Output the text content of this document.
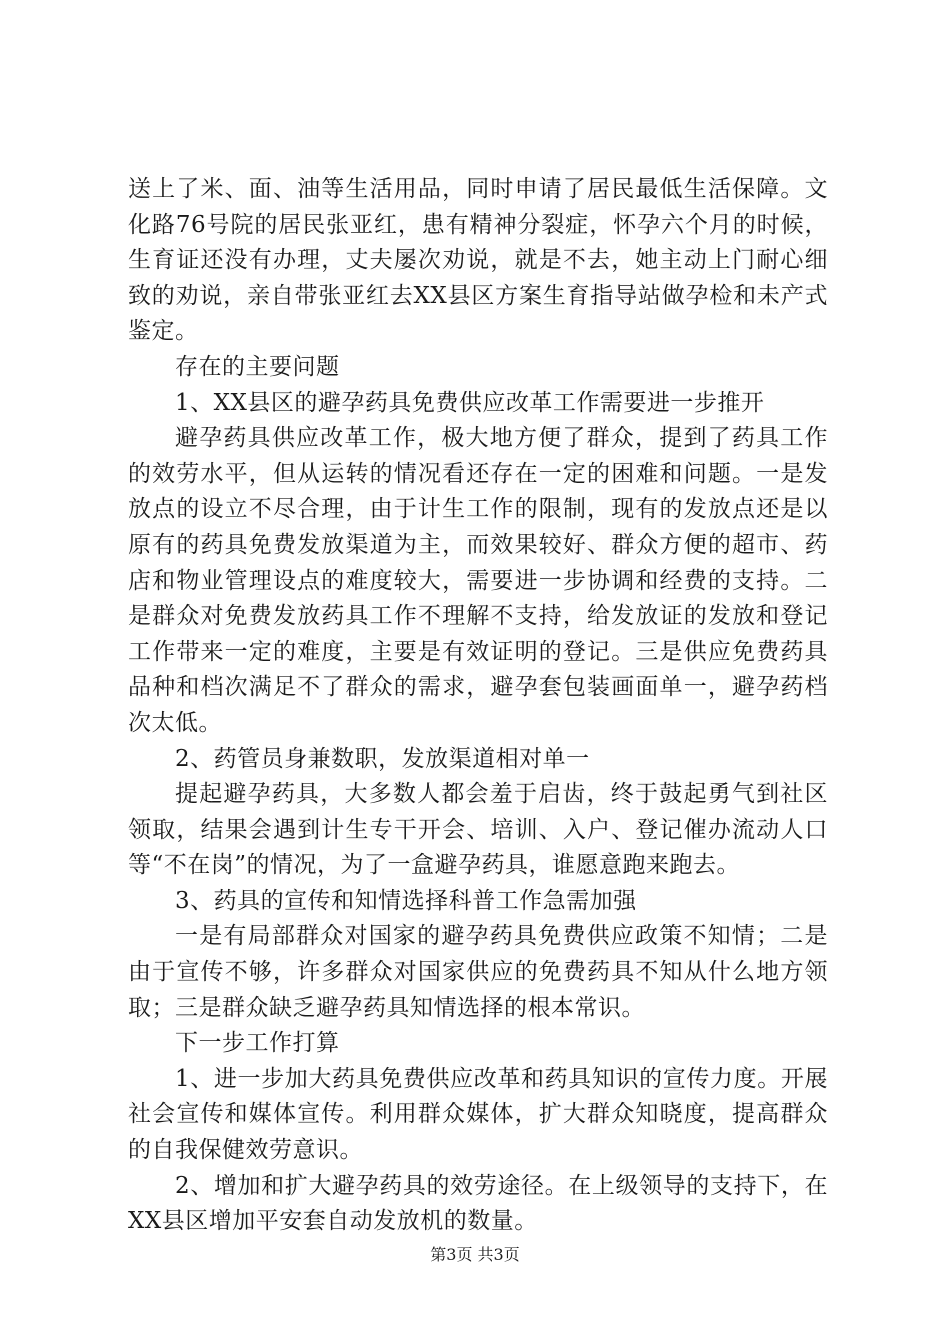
送上了米、面、油等生活用品，同时申请了居民最低生活保障。文化路76号院的居民张亚红，患有精神分裂症，怀孕六个月的时候，生育证还没有办理，丈夫屡次劝说，就是不去，她主动上门耐心细致的劝说，亲自带张亚红去XX县区方案生育指导站做孕检和未产式鉴定。

存在的主要问题

1、XX县区的避孕药具免费供应改革工作需要进一步推开

避孕药具供应改革工作，极大地方便了群众，提到了药具工作的效劳水平，但从运转的情况看还存在一定的困难和问题。一是发放点的设立不尽合理，由于计生工作的限制，现有的发放点还是以原有的药具免费发放渠道为主，而效果较好、群众方便的超市、药店和物业管理设点的难度较大，需要进一步协调和经费的支持。二是群众对免费发放药具工作不理解不支持，给发放证的发放和登记工作带来一定的难度，主要是有效证明的登记。三是供应免费药具品种和档次满足不了群众的需求，避孕套包装画面单一，避孕药档次太低。

2、药管员身兼数职，发放渠道相对单一

提起避孕药具，大多数人都会羞于启齿，终于鼓起勇气到社区领取，结果会遇到计生专干开会、培训、入户、登记催办流动人口等“不在岗”的情况，为了一盒避孕药具，谁愿意跑来跑去。

3、药具的宣传和知情选择科普工作急需加强

一是有局部群众对国家的避孕药具免费供应政策不知情；二是由于宣传不够，许多群众对国家供应的免费药具不知从什么地方领取；三是群众缺乏避孕药具知情选择的根本常识。

下一步工作打算

1、进一步加大药具免费供应改革和药具知识的宣传力度。开展社会宣传和媒体宣传。利用群众媒体，扩大群众知晓度，提高群众的自我保健效劳意识。

2、增加和扩大避孕药具的效劳途径。在上级领导的支持下，在XX县区增加平安套自动发放机的数量。

第3页 共3页
